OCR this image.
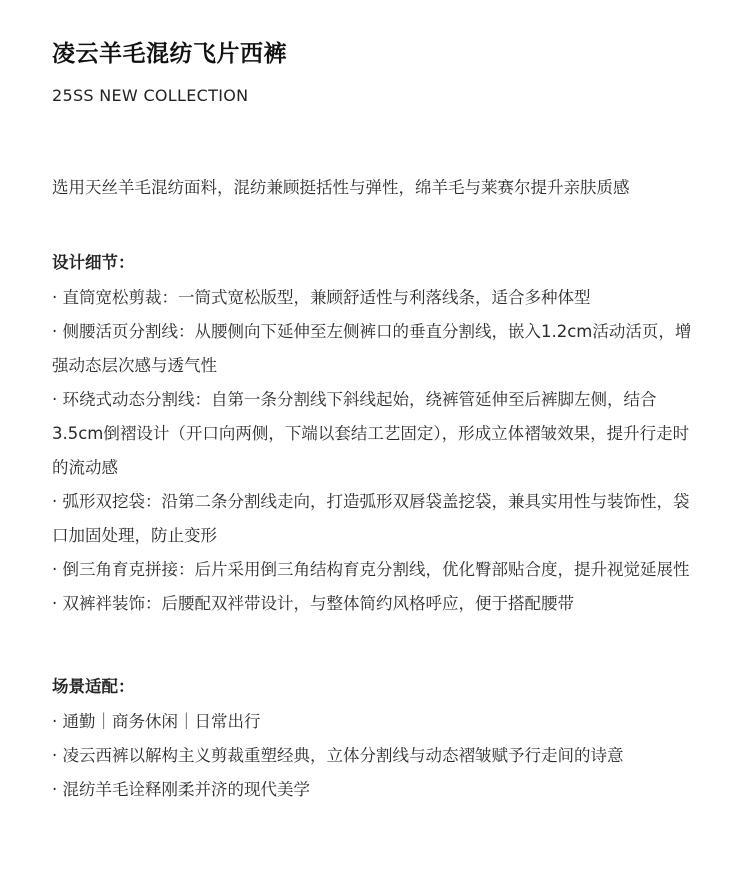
凌云羊毛混纺飞片西裤
25SS NEW COLLECTION
选用天丝羊毛混纺面料，混纺兼顾挺括性与弹性，绵羊毛与莱赛尔提升亲肤质感
设计细节：
· 直筒宽松剪裁：一筒式宽松版型，兼顾舒适性与利落线条，适合多种体型
· 侧腰活页分割线：从腰侧向下延伸至左侧裤口的垂直分割线，嵌入1.2cm活动活页，增强动态层次感与透气性
· 环绕式动态分割线：自第一条分割线下斜线起始，绕裤管延伸至后裤脚左侧，结合3.5cm倒褶设计（开口向两侧，下端以套结工艺固定），形成立体褶皱效果，提升行走时的流动感
· 弧形双挖袋：沿第二条分割线走向，打造弧形双唇袋盖挖袋，兼具实用性与装饰性，袋口加固处理，防止变形
· 倒三角育克拼接：后片采用倒三角结构育克分割线，优化臀部贴合度，提升视觉延展性
· 双裤袢装饰：后腰配双袢带设计，与整体简约风格呼应，便于搭配腰带
场景适配：
· 通勤｜商务休闲｜日常出行
· 凌云西裤以解构主义剪裁重塑经典，立体分割线与动态褶皱赋予行走间的诗意
· 混纺羊毛诠释刚柔并济的现代美学
